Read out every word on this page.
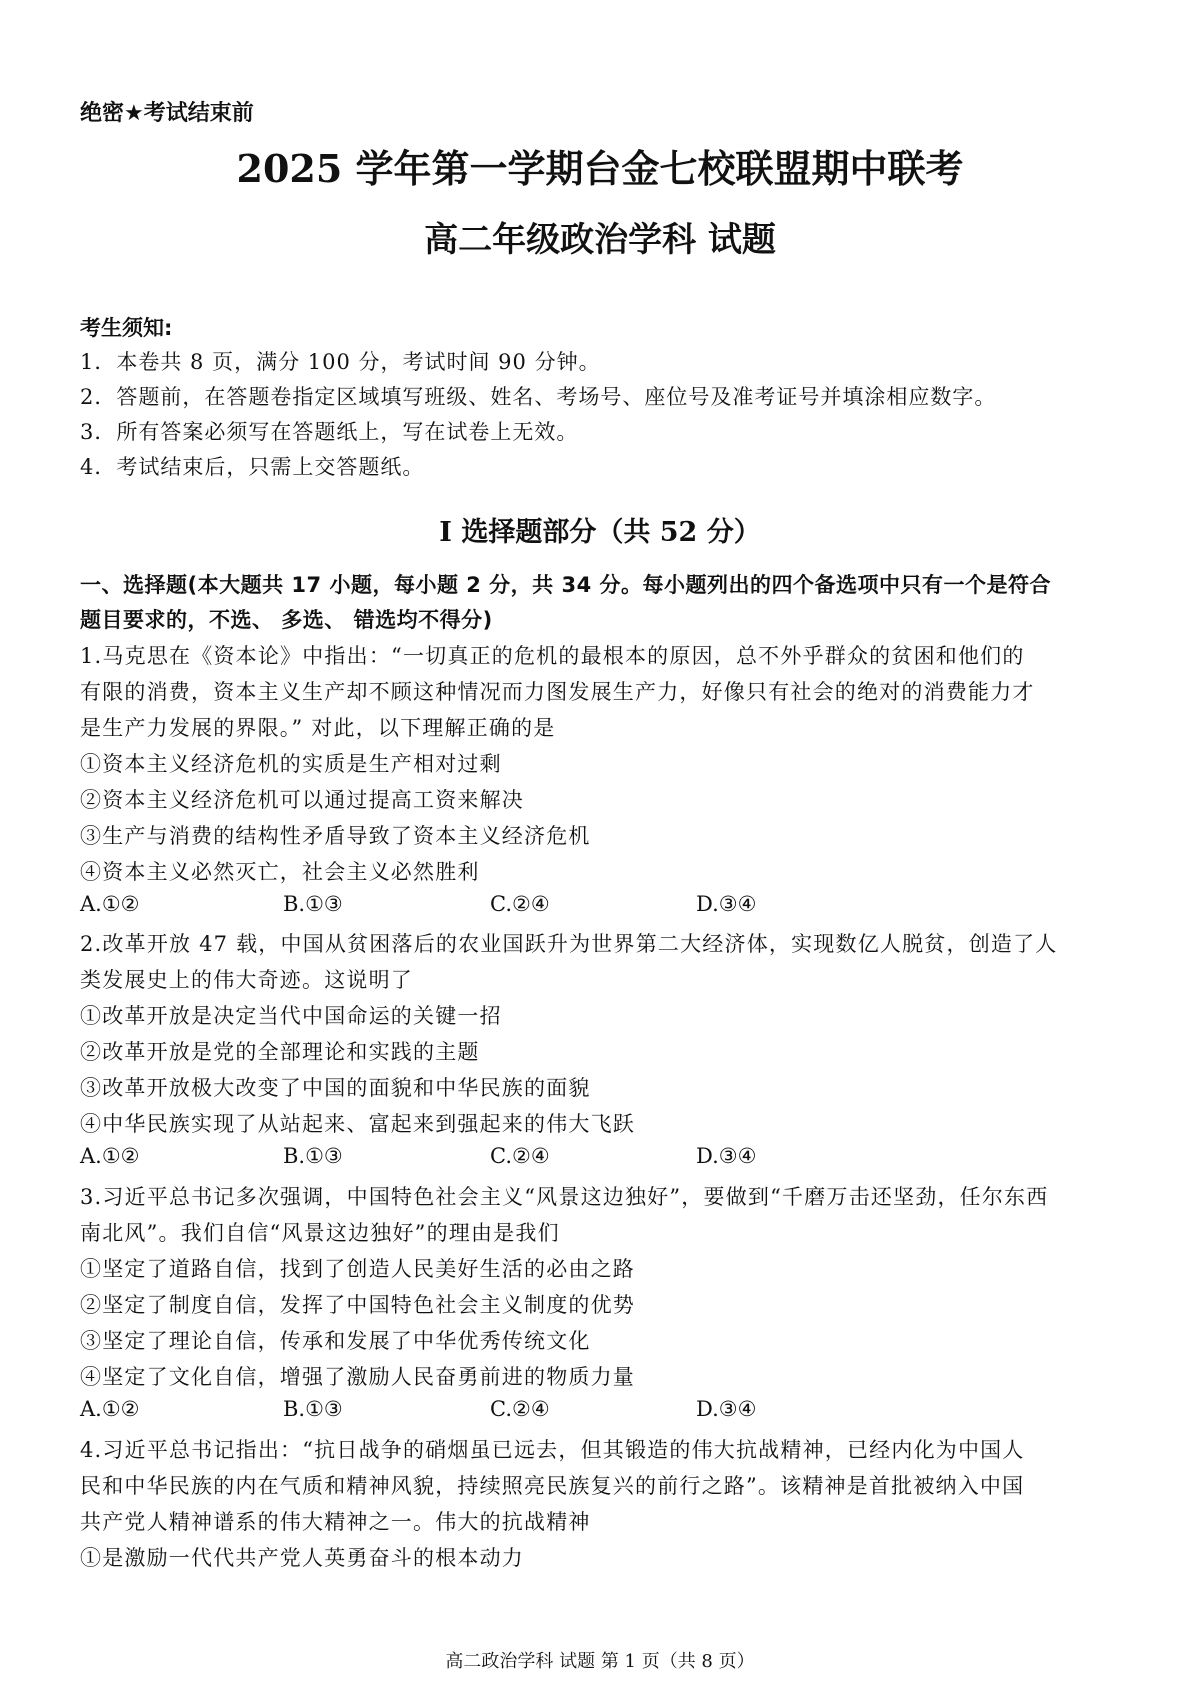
绝密★考试结束前
2025 学年第一学期台金七校联盟期中联考
高二年级政治学科 试题
考生须知:
1．本卷共 8 页，满分 100 分，考试时间 90 分钟。
2．答题前，在答题卷指定区域填写班级、姓名、考场号、座位号及准考证号并填涂相应数字。
3．所有答案必须写在答题纸上，写在试卷上无效。
4．考试结束后，只需上交答题纸。
I 选择题部分（共 52 分）
一、选择题(本大题共 17 小题，每小题 2 分，共 34 分。每小题列出的四个备选项中只有一个是符合
题目要求的，不选、 多选、 错选均不得分)
1.马克思在《资本论》中指出：“一切真正的危机的最根本的原因，总不外乎群众的贫困和他们的
有限的消费，资本主义生产却不顾这种情况而力图发展生产力，好像只有社会的绝对的消费能力才
是生产力发展的界限。” 对此，以下理解正确的是
①资本主义经济危机的实质是生产相对过剩
②资本主义经济危机可以通过提高工资来解决
③生产与消费的结构性矛盾导致了资本主义经济危机
④资本主义必然灭亡，社会主义必然胜利
A.①②	B.①③	C.②④	D.③④
2.改革开放 47 载，中国从贫困落后的农业国跃升为世界第二大经济体，实现数亿人脱贫，创造了人
类发展史上的伟大奇迹。这说明了
①改革开放是决定当代中国命运的关键一招
②改革开放是党的全部理论和实践的主题
③改革开放极大改变了中国的面貌和中华民族的面貌
④中华民族实现了从站起来、富起来到强起来的伟大飞跃
A.①②	B.①③	C.②④	D.③④
3.习近平总书记多次强调，中国特色社会主义“风景这边独好”，要做到“千磨万击还坚劲，任尔东西
南北风”。我们自信“风景这边独好”的理由是我们
①坚定了道路自信，找到了创造人民美好生活的必由之路
②坚定了制度自信，发挥了中国特色社会主义制度的优势
③坚定了理论自信，传承和发展了中华优秀传统文化
④坚定了文化自信，增强了激励人民奋勇前进的物质力量
A.①②	B.①③	C.②④	D.③④
4.习近平总书记指出：“抗日战争的硝烟虽已远去，但其锻造的伟大抗战精神，已经内化为中国人
民和中华民族的内在气质和精神风貌，持续照亮民族复兴的前行之路”。该精神是首批被纳入中国
共产党人精神谱系的伟大精神之一。伟大的抗战精神
①是激励一代代共产党人英勇奋斗的根本动力
高二政治学科 试题 第 1 页（共 8 页）
